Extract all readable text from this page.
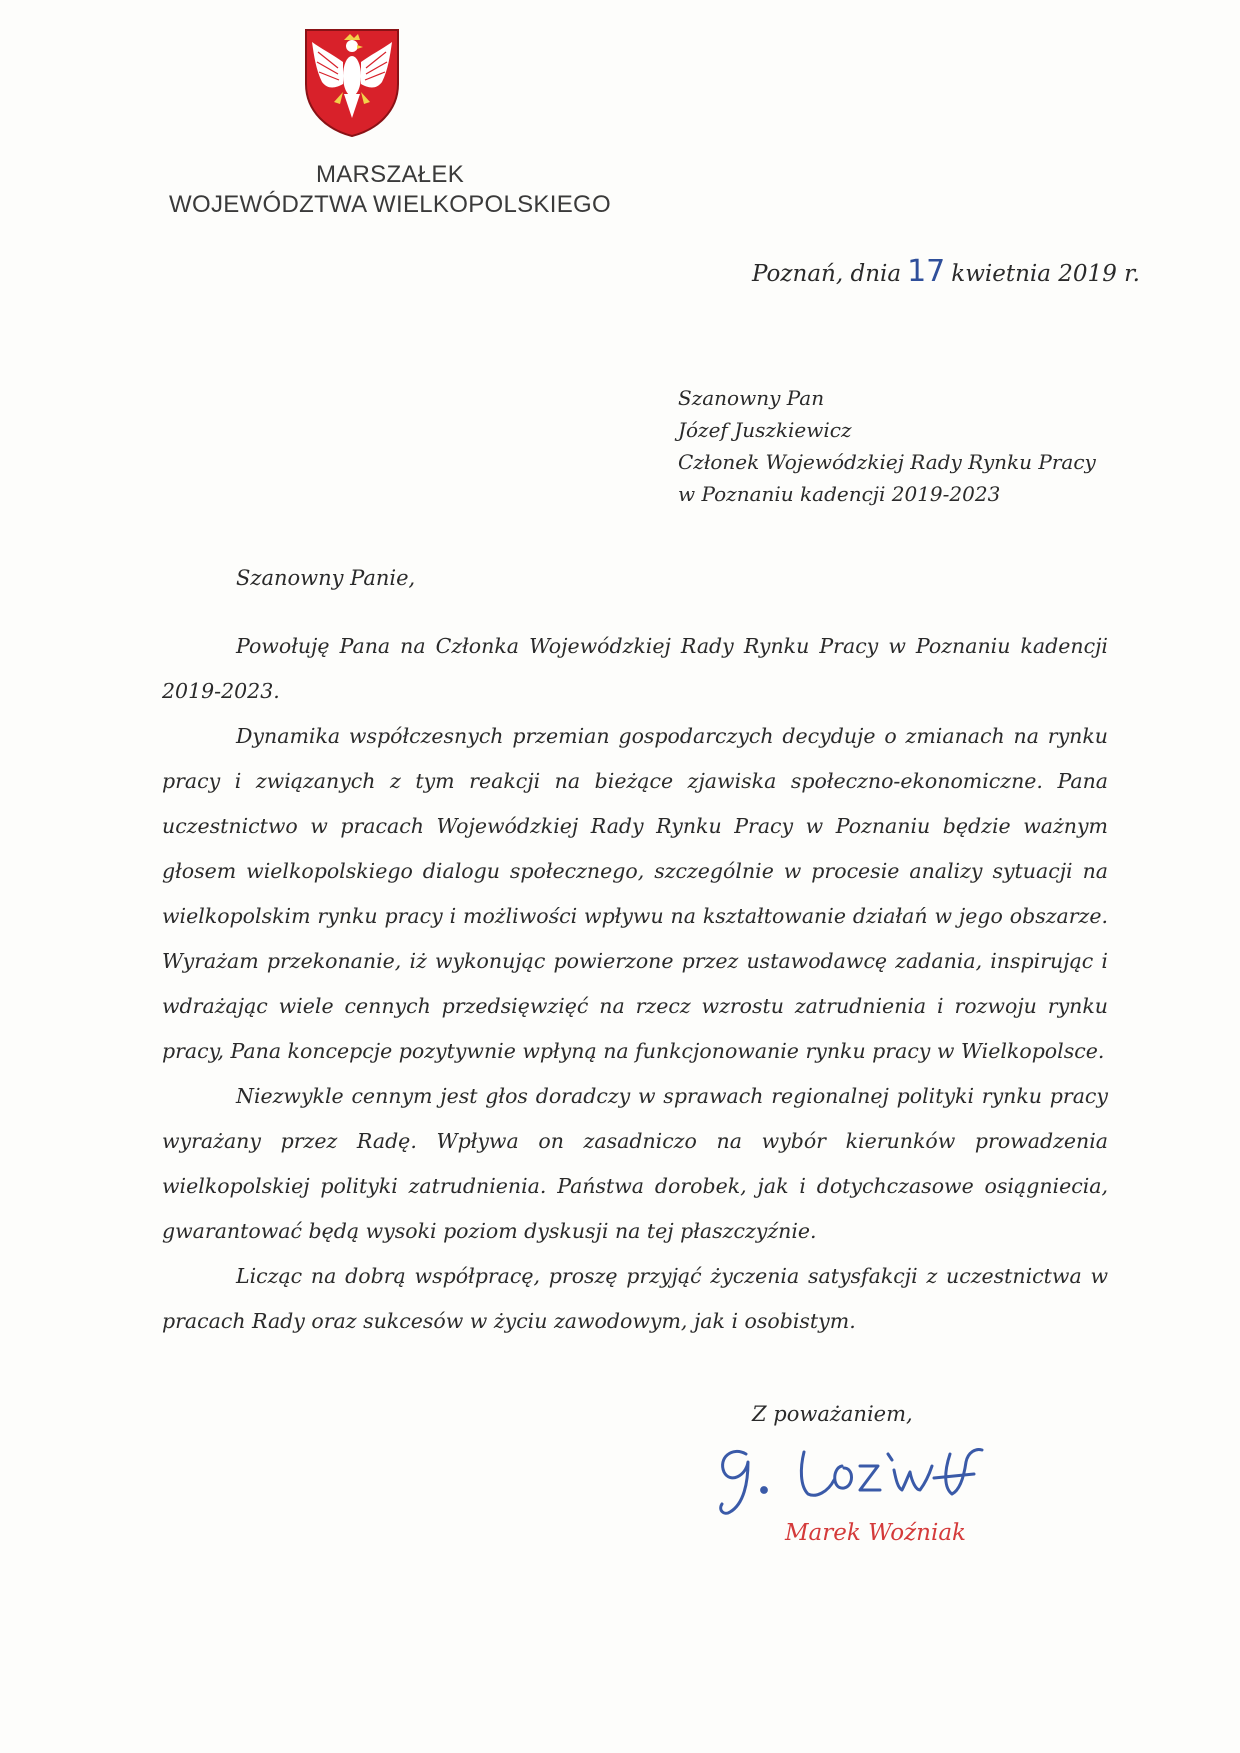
MARSZAŁEK
WOJEWÓDZTWA WIELKOPOLSKIEGO
Poznań, dnia 17 kwietnia 2019 r.
Szanowny Pan
Józef Juszkiewicz
Członek Wojewódzkiej Rady Rynku Pracy
w Poznaniu kadencji 2019-2023
Szanowny Panie,

Powołuję Pana na Członka Wojewódzkiej Rady Rynku Pracy w Poznaniu kadencji 2019-2023.

Dynamika współczesnych przemian gospodarczych decyduje o zmianach na rynku pracy i związanych z tym reakcji na bieżące zjawiska społeczno-ekonomiczne. Pana uczestnictwo w pracach Wojewódzkiej Rady Rynku Pracy w Poznaniu będzie ważnym głosem wielkopolskiego dialogu społecznego, szczególnie w procesie analizy sytuacji na wielkopolskim rynku pracy i możliwości wpływu na kształtowanie działań w jego obszarze. Wyrażam przekonanie, iż wykonując powierzone przez ustawodawcę zadania, inspirując i wdrażając wiele cennych przedsięwzięć na rzecz wzrostu zatrudnienia i rozwoju rynku pracy, Pana koncepcje pozytywnie wpłyną na funkcjonowanie rynku pracy w Wielkopolsce.

Niezwykle cennym jest głos doradczy w sprawach regionalnej polityki rynku pracy wyrażany przez Radę. Wpływa on zasadniczo na wybór kierunków prowadzenia wielkopolskiej polityki zatrudnienia. Państwa dorobek, jak i dotychczasowe osiągniecia, gwarantować będą wysoki poziom dyskusji na tej płaszczyźnie.

Licząc na dobrą współpracę, proszę przyjąć życzenia satysfakcji z uczestnictwa w pracach Rady oraz sukcesów w życiu zawodowym, jak i osobistym.

Z poważaniem,
Marek Woźniak
